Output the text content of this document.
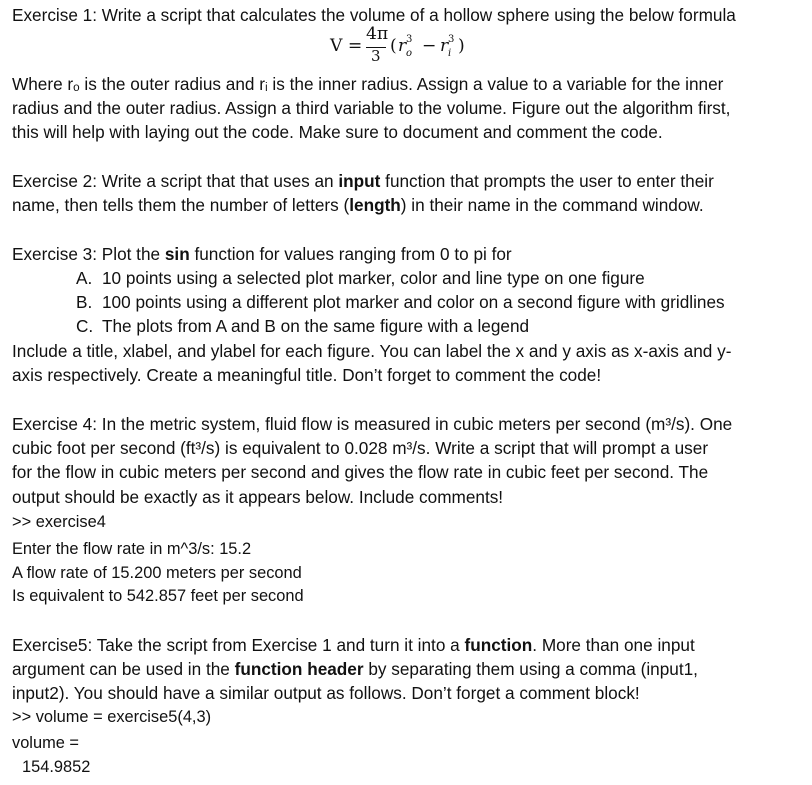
Exercise 1: Write a script that calculates the volume of a hollow sphere using the below formula
V =
4π
3 ( r 3
o − r 3
i )
Where rₒ is the outer radius and rᵢ is the inner radius. Assign a value to a variable for the inner
radius and the outer radius. Assign a third variable to the volume. Figure out the algorithm first,
this will help with laying out the code. Make sure to document and comment the code.
Exercise 2: Write a script that that uses an input function that prompts the user to enter their
name, then tells them the number of letters (length) in their name in the command window.
Exercise 3: Plot the sin function for values ranging from 0 to pi for
A. 10 points using a selected plot marker, color and line type on one figure
B. 100 points using a different plot marker and color on a second figure with gridlines
C. The plots from A and B on the same figure with a legend
Include a title, xlabel, and ylabel for each figure. You can label the x and y axis as x-axis and y-
axis respectively. Create a meaningful title. Don’t forget to comment the code!
Exercise 4: In the metric system, fluid flow is measured in cubic meters per second (m³/s). One
cubic foot per second (ft³/s) is equivalent to 0.028 m³/s. Write a script that will prompt a user
for the flow in cubic meters per second and gives the flow rate in cubic feet per second. The
output should be exactly as it appears below. Include comments!
>> exercise4
Enter the flow rate in m^3/s: 15.2
A flow rate of 15.200 meters per second
Is equivalent to 542.857 feet per second
Exercise5: Take the script from Exercise 1 and turn it into a function. More than one input
argument can be used in the function header by separating them using a comma (input1,
input2). You should have a similar output as follows. Don’t forget a comment block!
>> volume = exercise5(4,3)
volume =
154.9852
